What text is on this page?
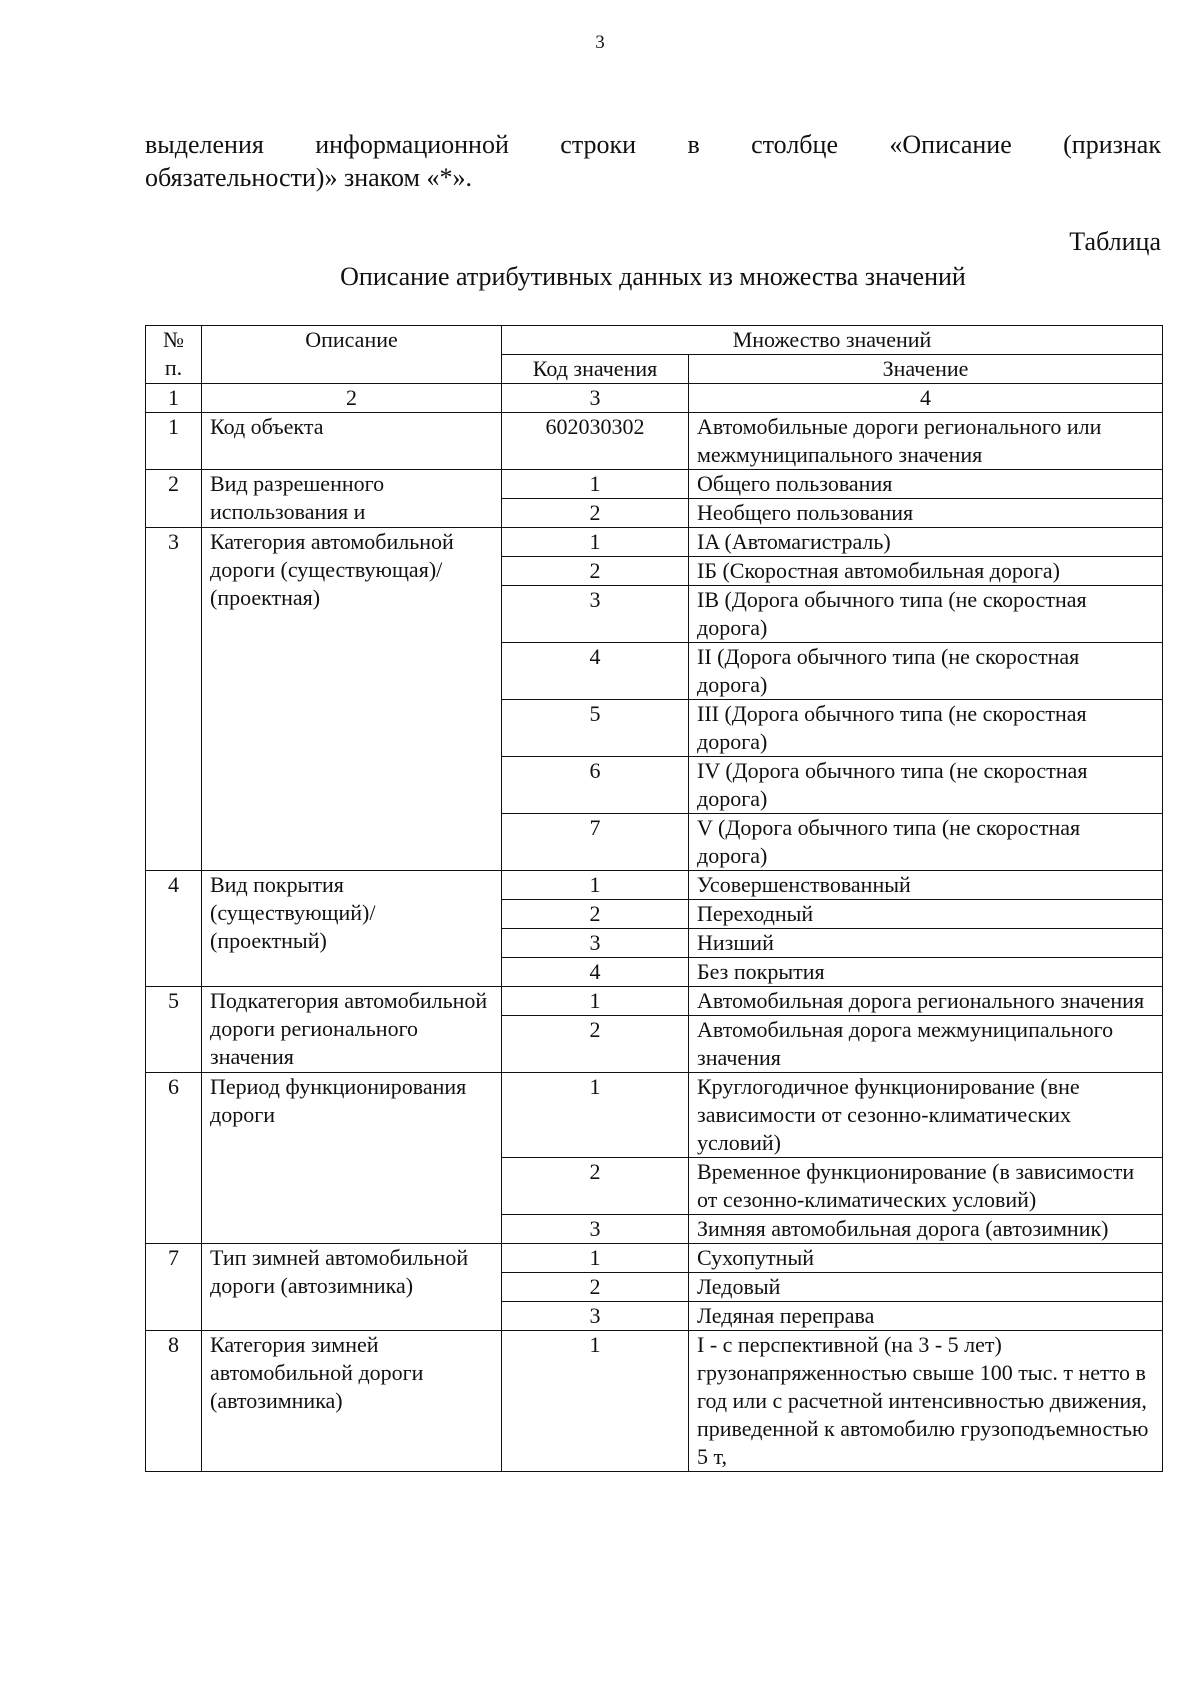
3
выделения информационной строки в столбце «Описание (признак
обязательности)» знаком «*».
Таблица
Описание атрибутивных данных из множества значений
№ п.	Описание	Множество значений	
		Код значения	Значение
1	2	3	4
1	Код объекта	602030302	Автомобильные дороги регионального или межмуниципального значения
2	Вид разрешенного использования и	1	Общего пользования
		2	Необщего пользования
3	Категория автомобильной дороги (существующая)/ (проектная)	1	IA (Автомагистраль)
		2	IБ (Скоростная автомобильная дорога)
		3	IВ (Дорога обычного типа (не скоростная дорога)
		4	II (Дорога обычного типа (не скоростная дорога)
		5	III (Дорога обычного типа (не скоростная дорога)
		6	IV (Дорога обычного типа (не скоростная дорога)
		7	V (Дорога обычного типа (не скоростная дорога)
4	Вид покрытия (существующий)/ (проектный)	1	Усовершенствованный
		2	Переходный
		3	Низший
		4	Без покрытия
5	Подкатегория автомобильной дороги регионального значения	1	Автомобильная дорога регионального значения
		2	Автомобильная дорога межмуниципального значения
6	Период функционирования дороги	1	Круглогодичное функционирование (вне зависимости от сезонно-климатических условий)
		2	Временное функционирование (в зависимости от сезонно-климатических условий)
		3	Зимняя автомобильная дорога (автозимник)
7	Тип зимней автомобильной дороги (автозимника)	1	Сухопутный
		2	Ледовый
		3	Ледяная переправа
8	Категория зимней автомобильной дороги (автозимника)	1	I - с перспективной (на 3 - 5 лет) грузонапряженностью свыше 100 тыс. т нетто в год или с расчетной интенсивностью движения, приведенной к автомобилю грузоподъемностью 5 т,
